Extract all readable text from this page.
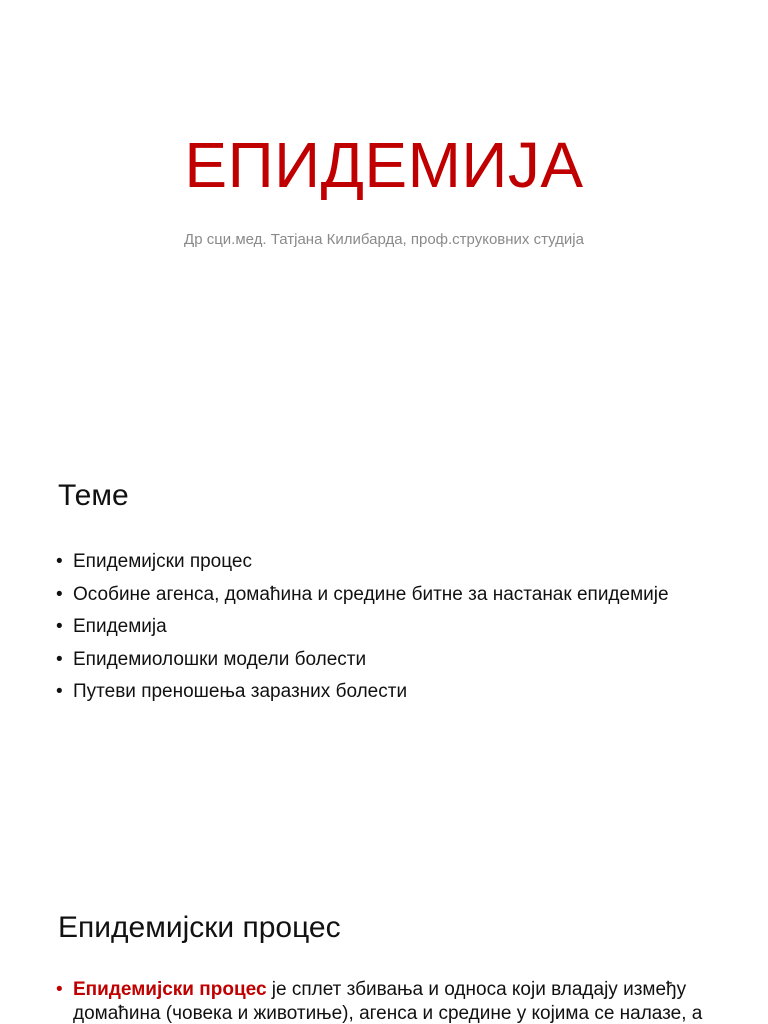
ЕПИДЕМИЈА
Др сци.мед. Татјана Килибарда, проф.струковних студија
Теме
• Епидемијски процес
• Особине агенса, домаћина и средине битне за настанак епидемије
• Епидемија
• Епидемиолошки модели болести
• Путеви преношења заразних болести
Епидемијски процес
• Епидемијски процес је сплет збивања и односа који владају између домаћина (човека и животиње), агенса и средине у којима се налазе, а
